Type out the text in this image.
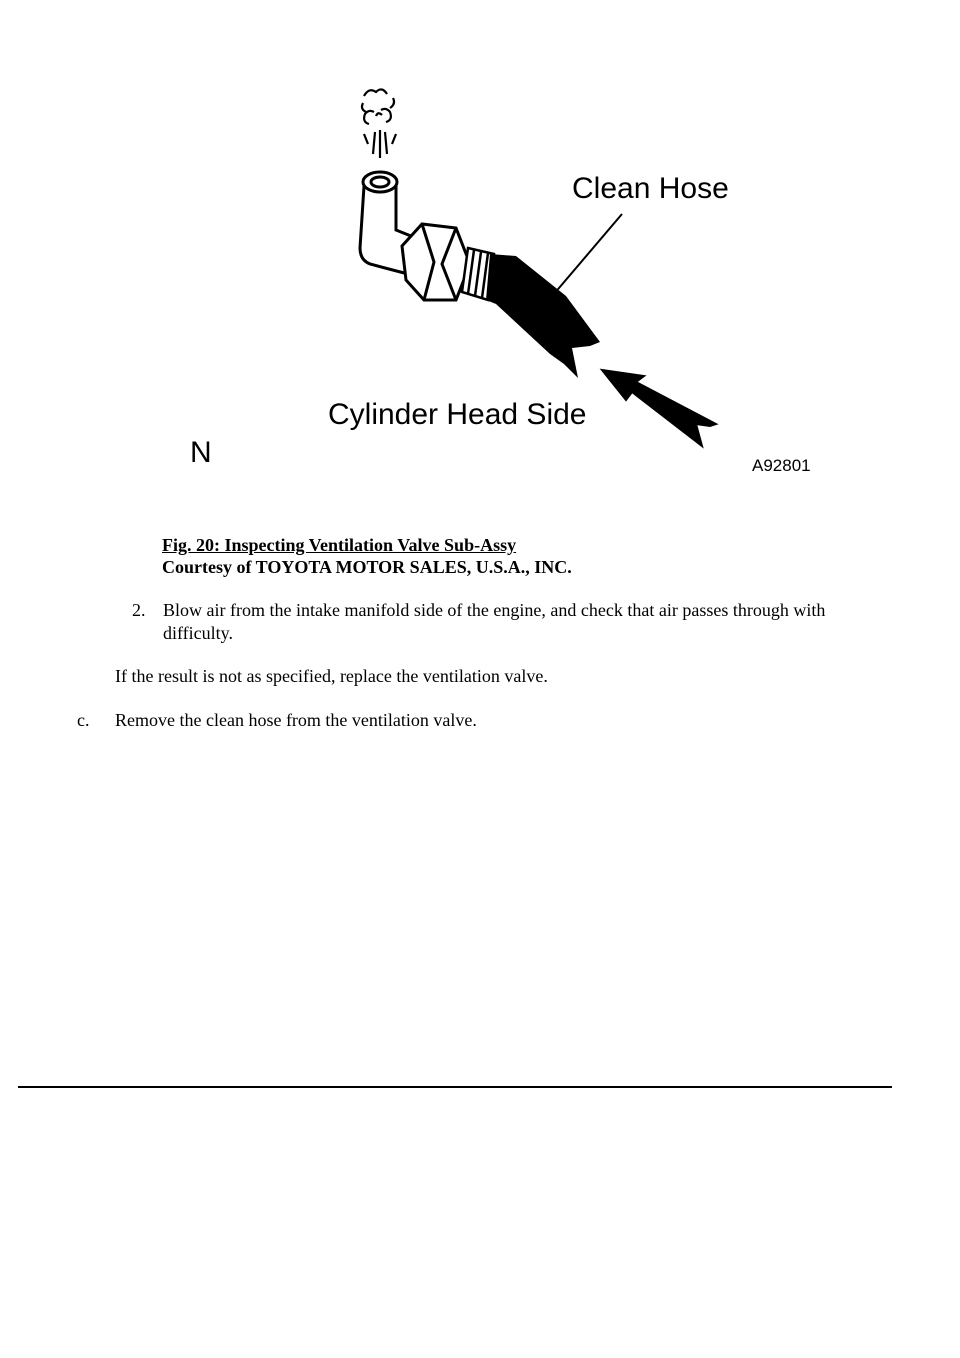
Clean Hose
Cylinder Head Side
N	A92801
Fig. 20: Inspecting Ventilation Valve Sub-Assy
Courtesy of TOYOTA MOTOR SALES, U.S.A., INC.
2. Blow air from the intake manifold side of the engine, and check that air passes through with difficulty.
If the result is not as specified, replace the ventilation valve.
c. Remove the clean hose from the ventilation valve.
